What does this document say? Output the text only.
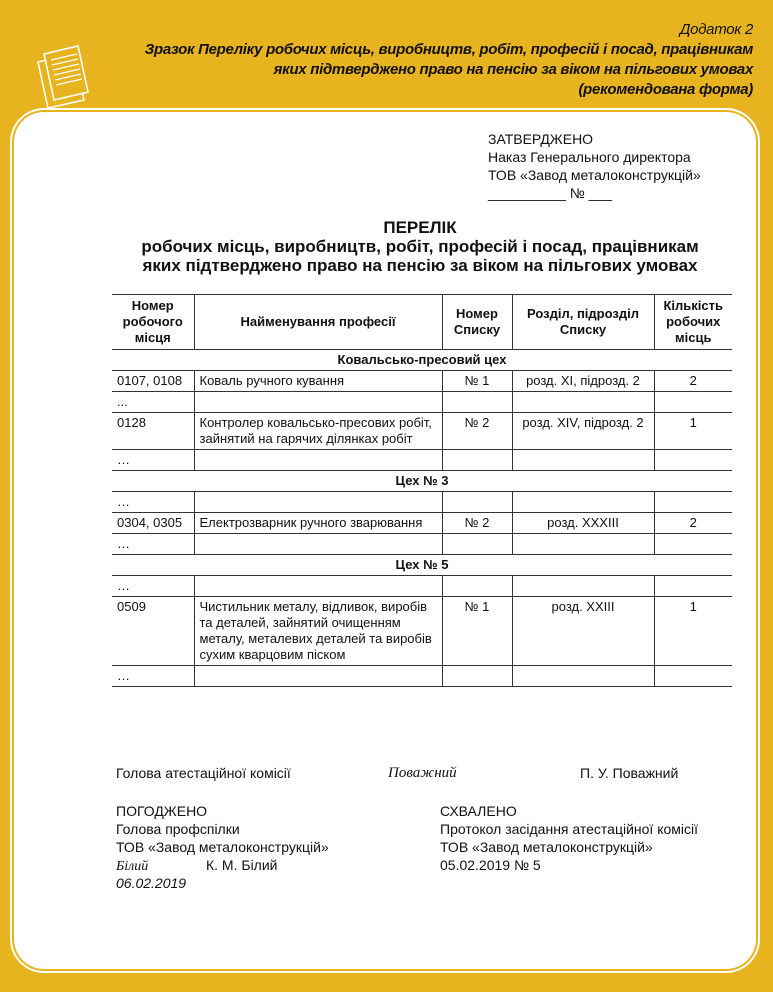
Додаток 2
Зразок Переліку робочих місць, виробництв, робіт, професій і посад, працівникам
яких підтверджено право на пенсію за віком на пільгових умовах
(рекомендована форма)
ЗАТВЕРДЖЕНО
Наказ Генерального директора
ТОВ «Завод металоконструкцій»
__________ № ___
ПЕРЕЛІК
робочих місць, виробництв, робіт, професій і посад, працівникам
яких підтверджено право на пенсію за віком на пільгових умовах
Номер робочого місця	Найменування професії	Номер Списку	Розділ, підрозділ Списку	Кількість робочих місць
Ковальсько-пресовий цех				
0107, 0108	Коваль ручного кування	№ 1	розд. XI, підрозд. 2	2
...				
0128	Контролер ковальсько-пресових робіт, зайнятий на гарячих ділянках робіт	№ 2	розд. XIV, підрозд. 2	1
…				
Цех № 3				
…				
0304, 0305	Електрозварник ручного зварювання	№ 2	розд. XXXIII	2
…				
Цех № 5				
…				
0509	Чистильник металу, відливок, виробів та деталей, зайнятий очищенням металу, металевих деталей та виробів сухим кварцовим піском	№ 1	розд. XXIII	1
…				
Голова атестаційної комісії	Поважний	П. У. Поважний
ПОГОДЖЕНО
Голова профспілки
ТОВ «Завод металоконструкцій»
Білий	К. М. Білий
06.02.2019
СХВАЛЕНО
Протокол засідання атестаційної комісії
ТОВ «Завод металоконструкцій»
05.02.2019 № 5
